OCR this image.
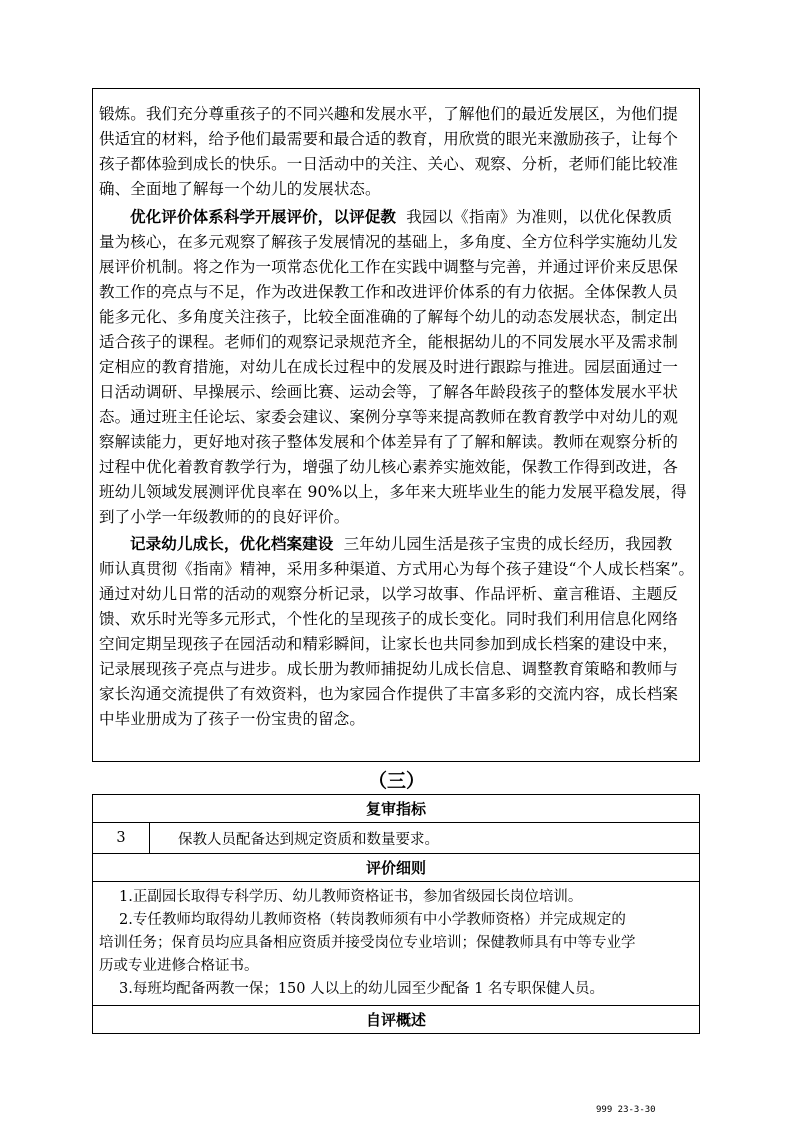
锻炼。我们充分尊重孩子的不同兴趣和发展水平，了解他们的最近发展区，为他们提
供适宜的材料，给予他们最需要和最合适的教育，用欣赏的眼光来激励孩子，让每个
孩子都体验到成长的快乐。一日活动中的关注、关心、观察、分析，老师们能比较准
确、全面地了解每一个幼儿的发展状态。
优化评价体系科学开展评价，以评促教 我园以《指南》为准则，以优化保教质
量为核心，在多元观察了解孩子发展情况的基础上，多角度、全方位科学实施幼儿发
展评价机制。将之作为一项常态优化工作在实践中调整与完善，并通过评价来反思保
教工作的亮点与不足，作为改进保教工作和改进评价体系的有力依据。全体保教人员
能多元化、多角度关注孩子，比较全面准确的了解每个幼儿的动态发展状态，制定出
适合孩子的课程。老师们的观察记录规范齐全，能根据幼儿的不同发展水平及需求制
定相应的教育措施，对幼儿在成长过程中的发展及时进行跟踪与推进。园层面通过一
日活动调研、早操展示、绘画比赛、运动会等，了解各年龄段孩子的整体发展水平状
态。通过班主任论坛、家委会建议、案例分享等来提高教师在教育教学中对幼儿的观
察解读能力，更好地对孩子整体发展和个体差异有了了解和解读。教师在观察分析的
过程中优化着教育教学行为，增强了幼儿核心素养实施效能，保教工作得到改进，各
班幼儿领域发展测评优良率在 90%以上，多年来大班毕业生的能力发展平稳发展，得
到了小学一年级教师的的良好评价。
记录幼儿成长，优化档案建设 三年幼儿园生活是孩子宝贵的成长经历，我园教
师认真贯彻《指南》精神，采用多种渠道、方式用心为每个孩子建设“个人成长档案”。
通过对幼儿日常的活动的观察分析记录，以学习故事、作品评析、童言稚语、主题反
馈、欢乐时光等多元形式，个性化的呈现孩子的成长变化。同时我们利用信息化网络
空间定期呈现孩子在园活动和精彩瞬间，让家长也共同参加到成长档案的建设中来，
记录展现孩子亮点与进步。成长册为教师捕捉幼儿成长信息、调整教育策略和教师与
家长沟通交流提供了有效资料，也为家园合作提供了丰富多彩的交流内容，成长档案
中毕业册成为了孩子一份宝贵的留念。
（三）
复审指标
3	保教人员配备达到规定资质和数量要求。
评价细则

1.正副园长取得专科学历、幼儿教师资格证书，参加省级园长岗位培训。
2.专任教师均取得幼儿教师资格（转岗教师须有中小学教师资格）并完成规定的
培训任务；保育员均应具备相应资质并接受岗位专业培训；保健教师具有中等专业学
历或专业进修合格证书。
3.每班均配备两教一保；150 人以上的幼儿园至少配备 1 名专职保健人员。

自评概述
999 23-3-30
